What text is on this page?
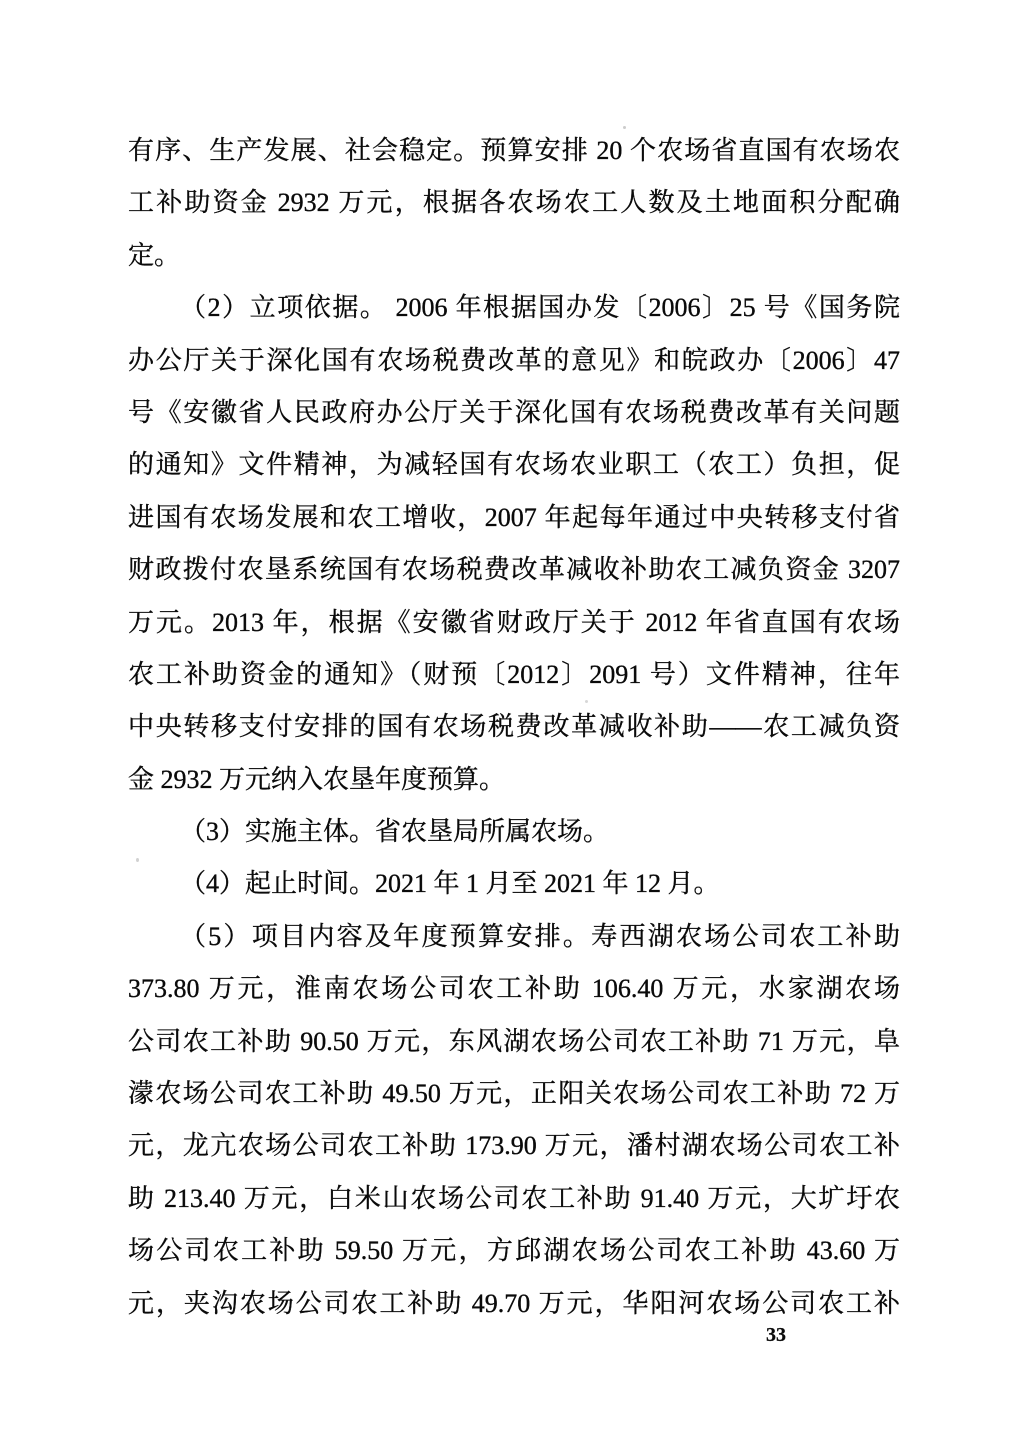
有序、生产发展、社会稳定。预算安排 20 个农场省直国有农场农
工补助资金 2932 万元，根据各农场农工人数及土地面积分配确
定。
（2）立项依据。 2006 年根据国办发〔2006〕25 号《国务院
办公厅关于深化国有农场税费改革的意见》和皖政办〔2006〕47
号《安徽省人民政府办公厅关于深化国有农场税费改革有关问题
的通知》文件精神，为减轻国有农场农业职工（农工）负担，促
进国有农场发展和农工增收，2007 年起每年通过中央转移支付省
财政拨付农垦系统国有农场税费改革减收补助农工减负资金 3207
万元。2013 年，根据《安徽省财政厅关于 2012 年省直国有农场
农工补助资金的通知》（财预〔2012〕2091 号）文件精神，往年
中央转移支付安排的国有农场税费改革减收补助——农工减负资
金 2932 万元纳入农垦年度预算。
（3）实施主体。省农垦局所属农场。
（4）起止时间。2021 年 1 月至 2021 年 12 月。
（5）项目内容及年度预算安排。寿西湖农场公司农工补助
373.80 万元，淮南农场公司农工补助 106.40 万元，水家湖农场
公司农工补助 90.50 万元，东风湖农场公司农工补助 71 万元，阜
濛农场公司农工补助 49.50 万元，正阳关农场公司农工补助 72 万
元，龙亢农场公司农工补助 173.90 万元，潘村湖农场公司农工补
助 213.40 万元，白米山农场公司农工补助 91.40 万元，大圹圩农
场公司农工补助 59.50 万元，方邱湖农场公司农工补助 43.60 万
元，夹沟农场公司农工补助 49.70 万元，华阳河农场公司农工补
33
